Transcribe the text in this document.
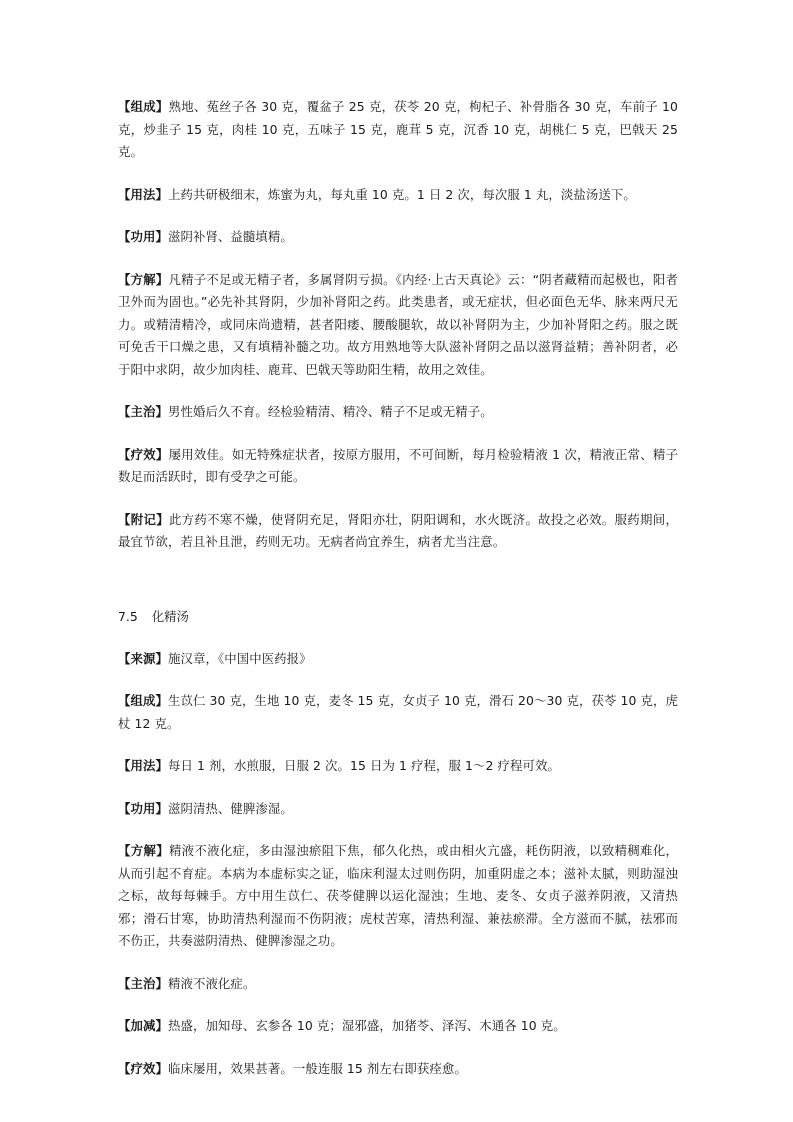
【组成】熟地、菟丝子各 30 克，覆盆子 25 克，茯苓 20 克，枸杞子、补骨脂各 30 克，车前子 10 克，炒韭子 15 克，肉桂 10 克，五味子 15 克，鹿茸 5 克，沉香 10 克，胡桃仁 5 克，巴戟天 25 克。

【用法】上药共研极细末，炼蜜为丸，每丸重 10 克。1 日 2 次，每次服 1 丸，淡盐汤送下。

【功用】滋阴补肾、益髓填精。

【方解】凡精子不足或无精子者，多属肾阴亏损。《内经·上古天真论》云：“阴者藏精而起极也，阳者卫外而为固也。”必先补其肾阴，少加补肾阳之药。此类患者，或无症状，但必面色无华、脉来两尺无力。或精清精冷，或同床尚遗精，甚者阳痿、腰酸腿软，故以补肾阴为主，少加补肾阳之药。服之既可免舌干口燥之患，又有填精补髓之功。故方用熟地等大队滋补肾阴之品以滋肾益精；善补阴者，必于阳中求阴，故少加肉桂、鹿茸、巴戟天等助阳生精，故用之效佳。

【主治】男性婚后久不育。经检验精清、精冷、精子不足或无精子。

【疗效】屡用效佳。如无特殊症状者，按原方服用，不可间断，每月检验精液 1 次，精液正常、精子数足而活跃时，即有受孕之可能。

【附记】此方药不寒不燥，使肾阴充足，肾阳亦壮，阴阳调和，水火既济。故投之必效。服药期间，最宜节欲，若且补且泄，药则无功。无病者尚宜养生，病者尤当注意。

7.5 化精汤

【来源】施汉章，《中国中医药报》

【组成】生苡仁 30 克，生地 10 克，麦冬 15 克，女贞子 10 克，滑石 20～30 克，茯苓 10 克，虎杖 12 克。

【用法】每日 1 剂，水煎服，日服 2 次。15 日为 1 疗程，服 1～2 疗程可效。

【功用】滋阴清热、健脾渗湿。

【方解】精液不液化症，多由湿浊瘀阻下焦，郁久化热，或由相火亢盛，耗伤阴液，以致精稠难化，从而引起不育症。本病为本虚标实之证，临床利湿太过则伤阴，加重阴虚之本；滋补太腻，则助湿浊之标，故每每棘手。方中用生苡仁、茯苓健脾以运化湿浊；生地、麦冬、女贞子滋养阴液，又清热邪；滑石甘寒，协助清热利湿而不伤阴液；虎杖苦寒，清热利湿、兼祛瘀滞。全方滋而不腻，祛邪而不伤正，共奏滋阴清热、健脾渗湿之功。

【主治】精液不液化症。

【加减】热盛，加知母、玄参各 10 克；湿邪盛，加猪苓、泽泻、木通各 10 克。

【疗效】临床屡用，效果甚著。一般连服 15 剂左右即获痊愈。
